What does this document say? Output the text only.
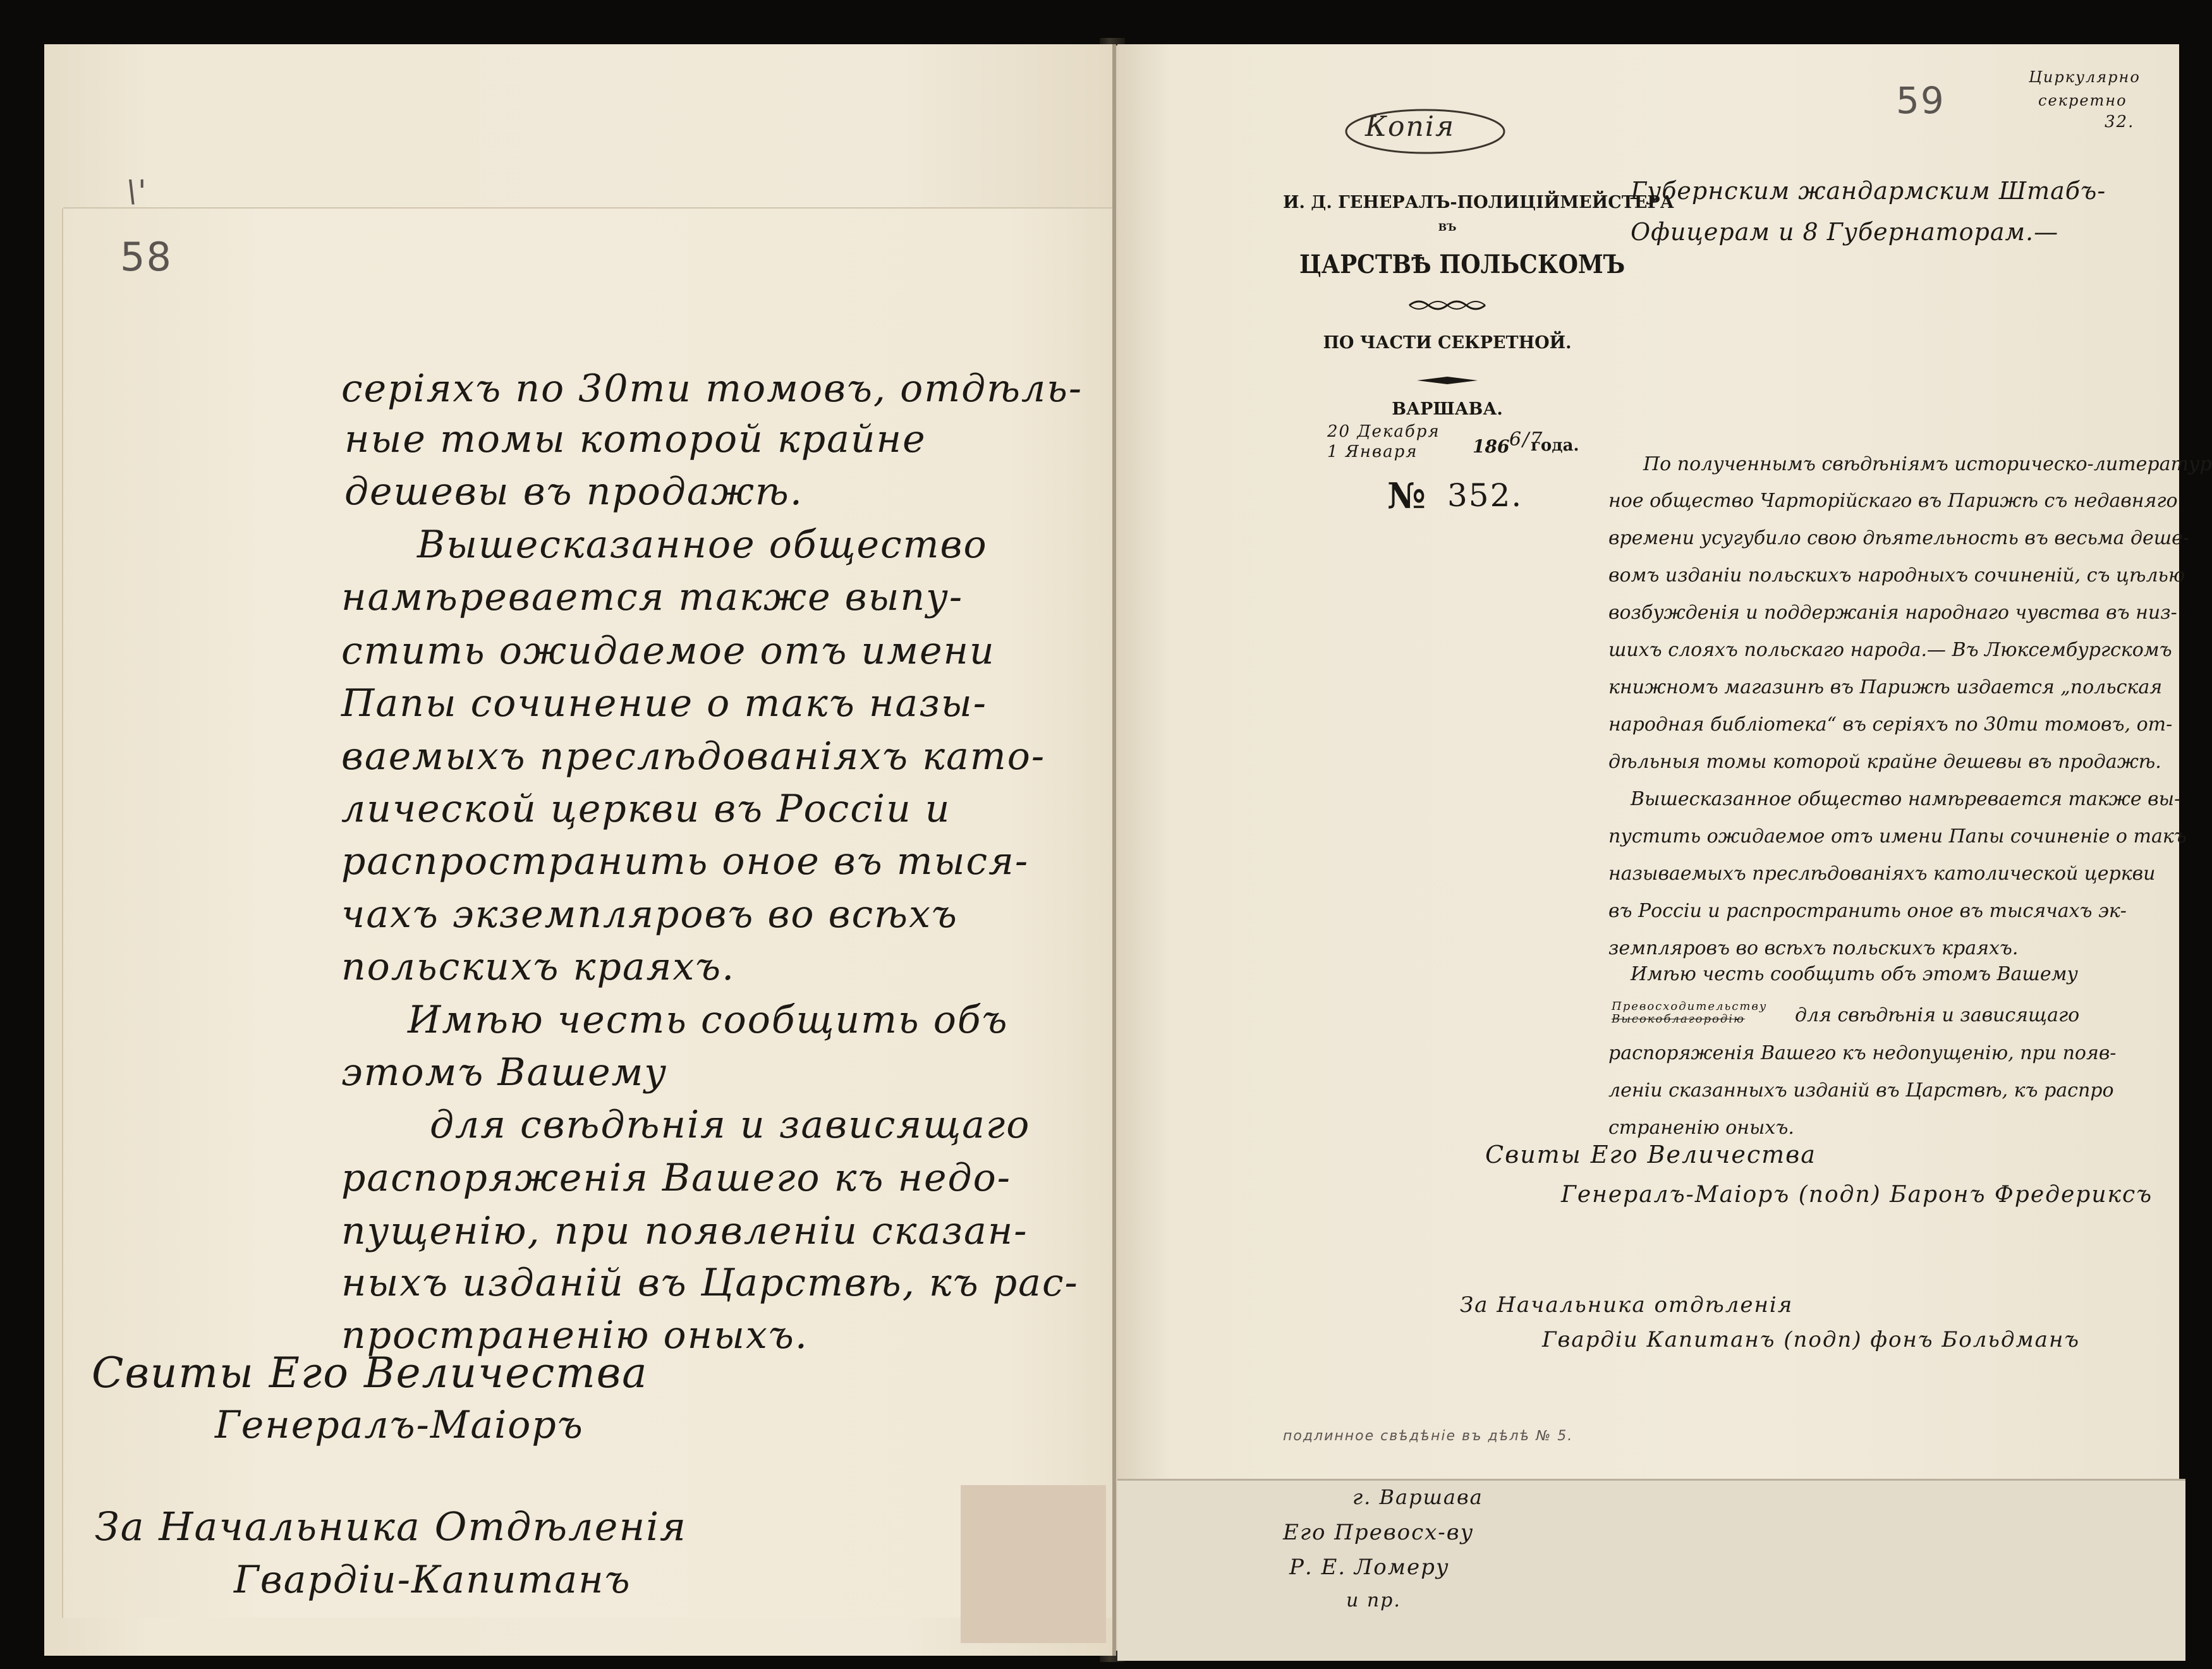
\'
58
серiяхъ по 30ти томовъ, отдѣль-
ные томы которой крайне
дешевы въ продажѣ.
Вышесказанное общество
намѣревается также выпу-
стить ожидаемое отъ имени
Папы сочинение о такъ назы-
ваемыхъ преслѣдованiяхъ като-
лической церкви въ Россiи и
распространить оное въ тыся-
чахъ экземпляровъ во всѣхъ
польскихъ краяхъ.
Имѣю честь сообщить объ
этомъ Вашему
для свѣдѣнiя и зависящаго
распоряженiя Вашего къ недо-
пущенiю, при появленiи сказан-
ныхъ изданiй въ Царствѣ, къ рас-
пространенiю оныхъ.
Свиты Его Величества
Генералъ-Маiоръ
За Начальника Отдѣленiя
Гвардiи-Капитанъ
Копiя
59
Циркулярно
секретно
32.
И. Д. ГЕНЕРАЛЪ-ПОЛИЦIЙМЕЙСТЕРА
ВЪ
ЦАРСТВѢ ПОЛЬСКОМЪ
ПО ЧАСТИ СЕКРЕТНОЙ.
ВАРШАВА.
20 Декабря
1 Января	186 6/7
года.
№ 352.
Губернским жандармским Штабъ-
Офицерам и 8 Губернаторам.—
По полученнымъ свѣдѣнiямъ историческо-литератур
ное общество Чарторiйскаго въ Парижѣ съ недавняго
времени усугубило свою дѣятельность въ весьма деше-
вомъ изданiи польскихъ народныхъ сочиненiй, съ цѣлью
возбужденiя и поддержанiя народнаго чувства въ низ-
шихъ слояхъ польскаго народа.— Въ Люксембургскомъ
книжномъ магазинѣ въ Парижѣ издается „польская
народная библiотека“ въ серiяхъ по 30ти томовъ, от-
дѣльныя томы которой крайне дешевы въ продажѣ.
Вышесказанное общество намѣревается также вы-
пустить ожидаемое отъ имени Папы сочиненiе о такъ
называемыхъ преслѣдованiяхъ католической церкви
въ Россiи и распространить оное въ тысячахъ эк-
земпляровъ во всѣхъ польскихъ краяхъ.
Имѣю честь сообщить объ этомъ Вашему
Превосходительству
Высокоблагородiю	для свѣдѣнiя и зависящаго
распоряженiя Вашего къ недопущенiю, при появ-
ленiи сказанныхъ изданiй въ Царствѣ, къ распро
страненiю оныхъ.
Свиты Его Величества
Генералъ-Маiоръ (подп) Баронъ Фредериксъ
За Начальника отдѣленiя
Гвардiи Капитанъ (подп) фонъ Больдманъ
подлинное свѣдѣнiе въ дѣлѣ № 5.
г. Варшава
Его Превосх-ву
Р. Е. Ломеру
и пр.
